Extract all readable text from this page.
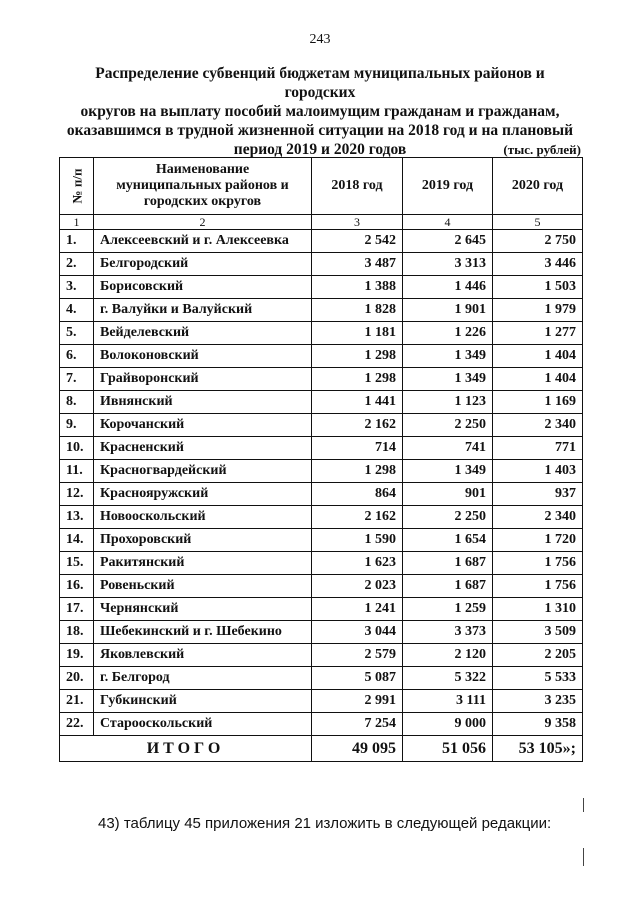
243
Распределение субвенций бюджетам муниципальных районов и городских
округов на выплату пособий малоимущим гражданам и гражданам,
оказавшимся в трудной жизненной ситуации на 2018 год и на плановый
период 2019 и 2020 годов	(тыс. рублей)
№ п/п	Наименование
муниципальных районов и
городских округов	2018 год	2019 год	2020 год
1	2	3	4	5
1.	Алексеевский и г. Алексеевка	2 542	2 645	2 750
2.	Белгородский	3 487	3 313	3 446
3.	Борисовский	1 388	1 446	1 503
4.	г. Валуйки и Валуйский	1 828	1 901	1 979
5.	Вейделевский	1 181	1 226	1 277
6.	Волоконовский	1 298	1 349	1 404
7.	Грайворонский	1 298	1 349	1 404
8.	Ивнянский	1 441	1 123	1 169
9.	Корочанский	2 162	2 250	2 340
10.	Красненский	714	741	771
11.	Красногвардейский	1 298	1 349	1 403
12.	Краснояружский	864	901	937
13.	Новооскольский	2 162	2 250	2 340
14.	Прохоровский	1 590	1 654	1 720
15.	Ракитянский	1 623	1 687	1 756
16.	Ровеньский	2 023	1 687	1 756
17.	Чернянский	1 241	1 259	1 310
18.	Шебекинский и г. Шебекино	3 044	3 373	3 509
19.	Яковлевский	2 579	2 120	2 205
20.	г. Белгород	5 087	5 322	5 533
21.	Губкинский	2 991	3 111	3 235
22.	Старооскольский	7 254	9 000	9 358
ИТОГО		49 095	51 056	53 105»;
43) таблицу 45 приложения 21 изложить в следующей редакции:
